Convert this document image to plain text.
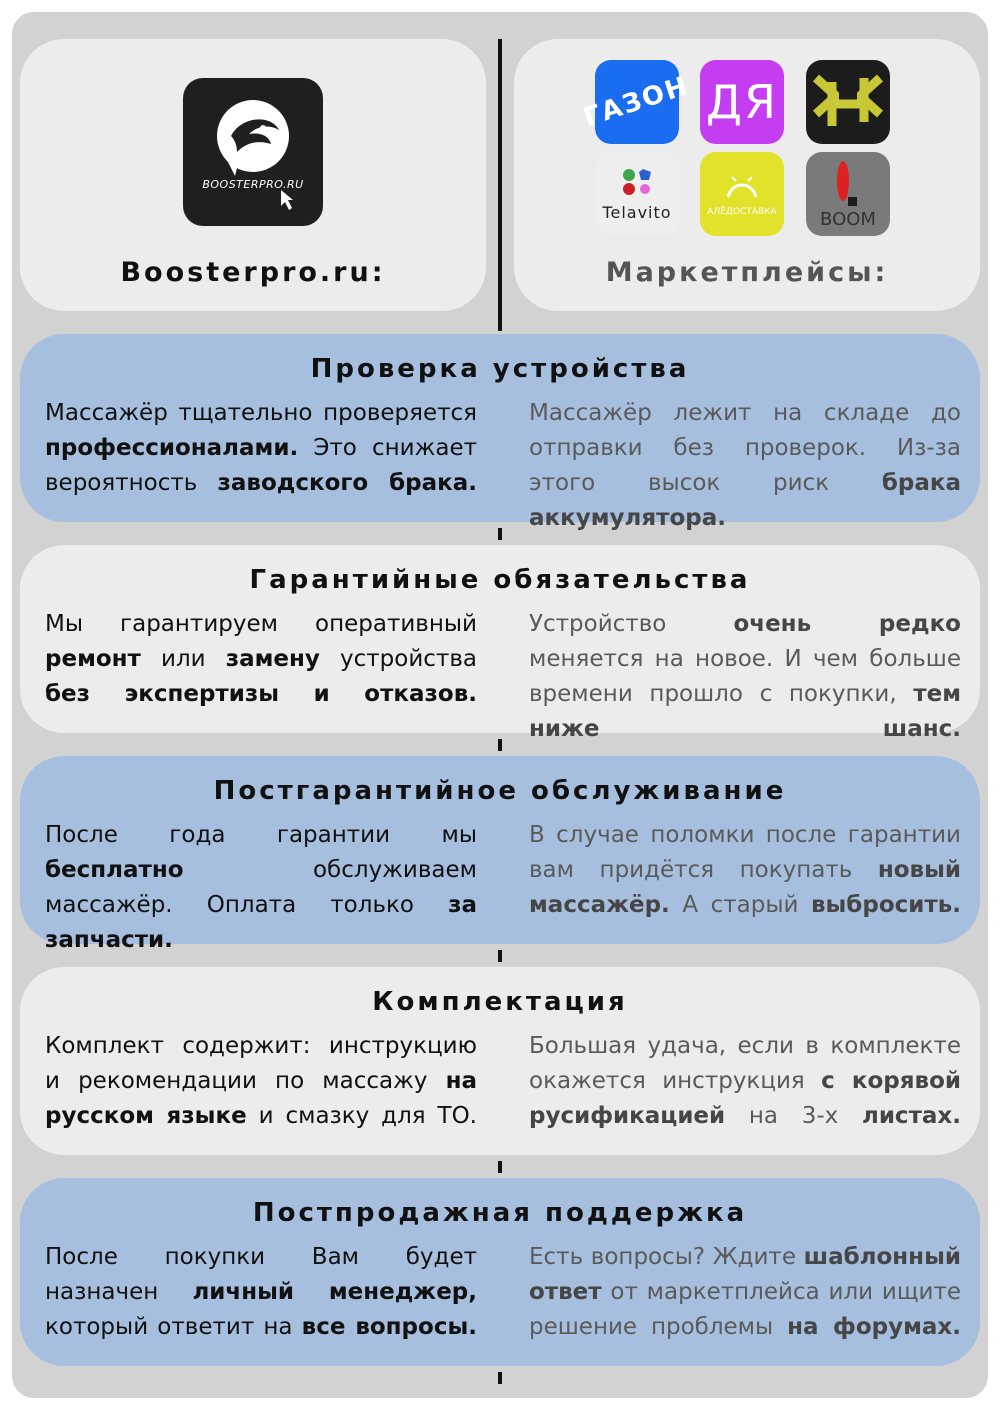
BOOSTERPRO.RU
Boosterpro.ru:
ГАЗОН ДЯ
Telavito	АЛЁДОСТАВКА BOOM
Маркетплейсы:
Проверка устройства
Массажёр тщательно проверяется профессионалами. Это снижает вероятность заводского брака.
Массажёр лежит на складе до отправки без проверок. Из-за этого высок риск брака аккумулятора.
Гарантийные обязательства
Мы гарантируем оперативный ремонт или замену устройства без экспертизы и отказов.
Устройство очень редко меняется на новое. И чем больше времени прошло с покупки, тем ниже шанс.
Постгарантийное обслуживание
После года гарантии мы бесплатно обслуживаем массажёр. Оплата только за запчасти.
В случае поломки после гарантии вам придётся покупать новый массажёр. А старый выбросить.
Комплектация
Комплект содержит: инструкцию и рекомендации по массажу на русском языке и смазку для ТО.
Большая удача, если в комплекте окажется инструкция с корявой русификацией на 3-х листах.
Постпродажная поддержка
После покупки Вам будет назначен личный менеджер, который ответит на все вопросы.
Есть вопросы? Ждите шаблонный ответ от маркетплейса или ищите решение проблемы на форумах.
